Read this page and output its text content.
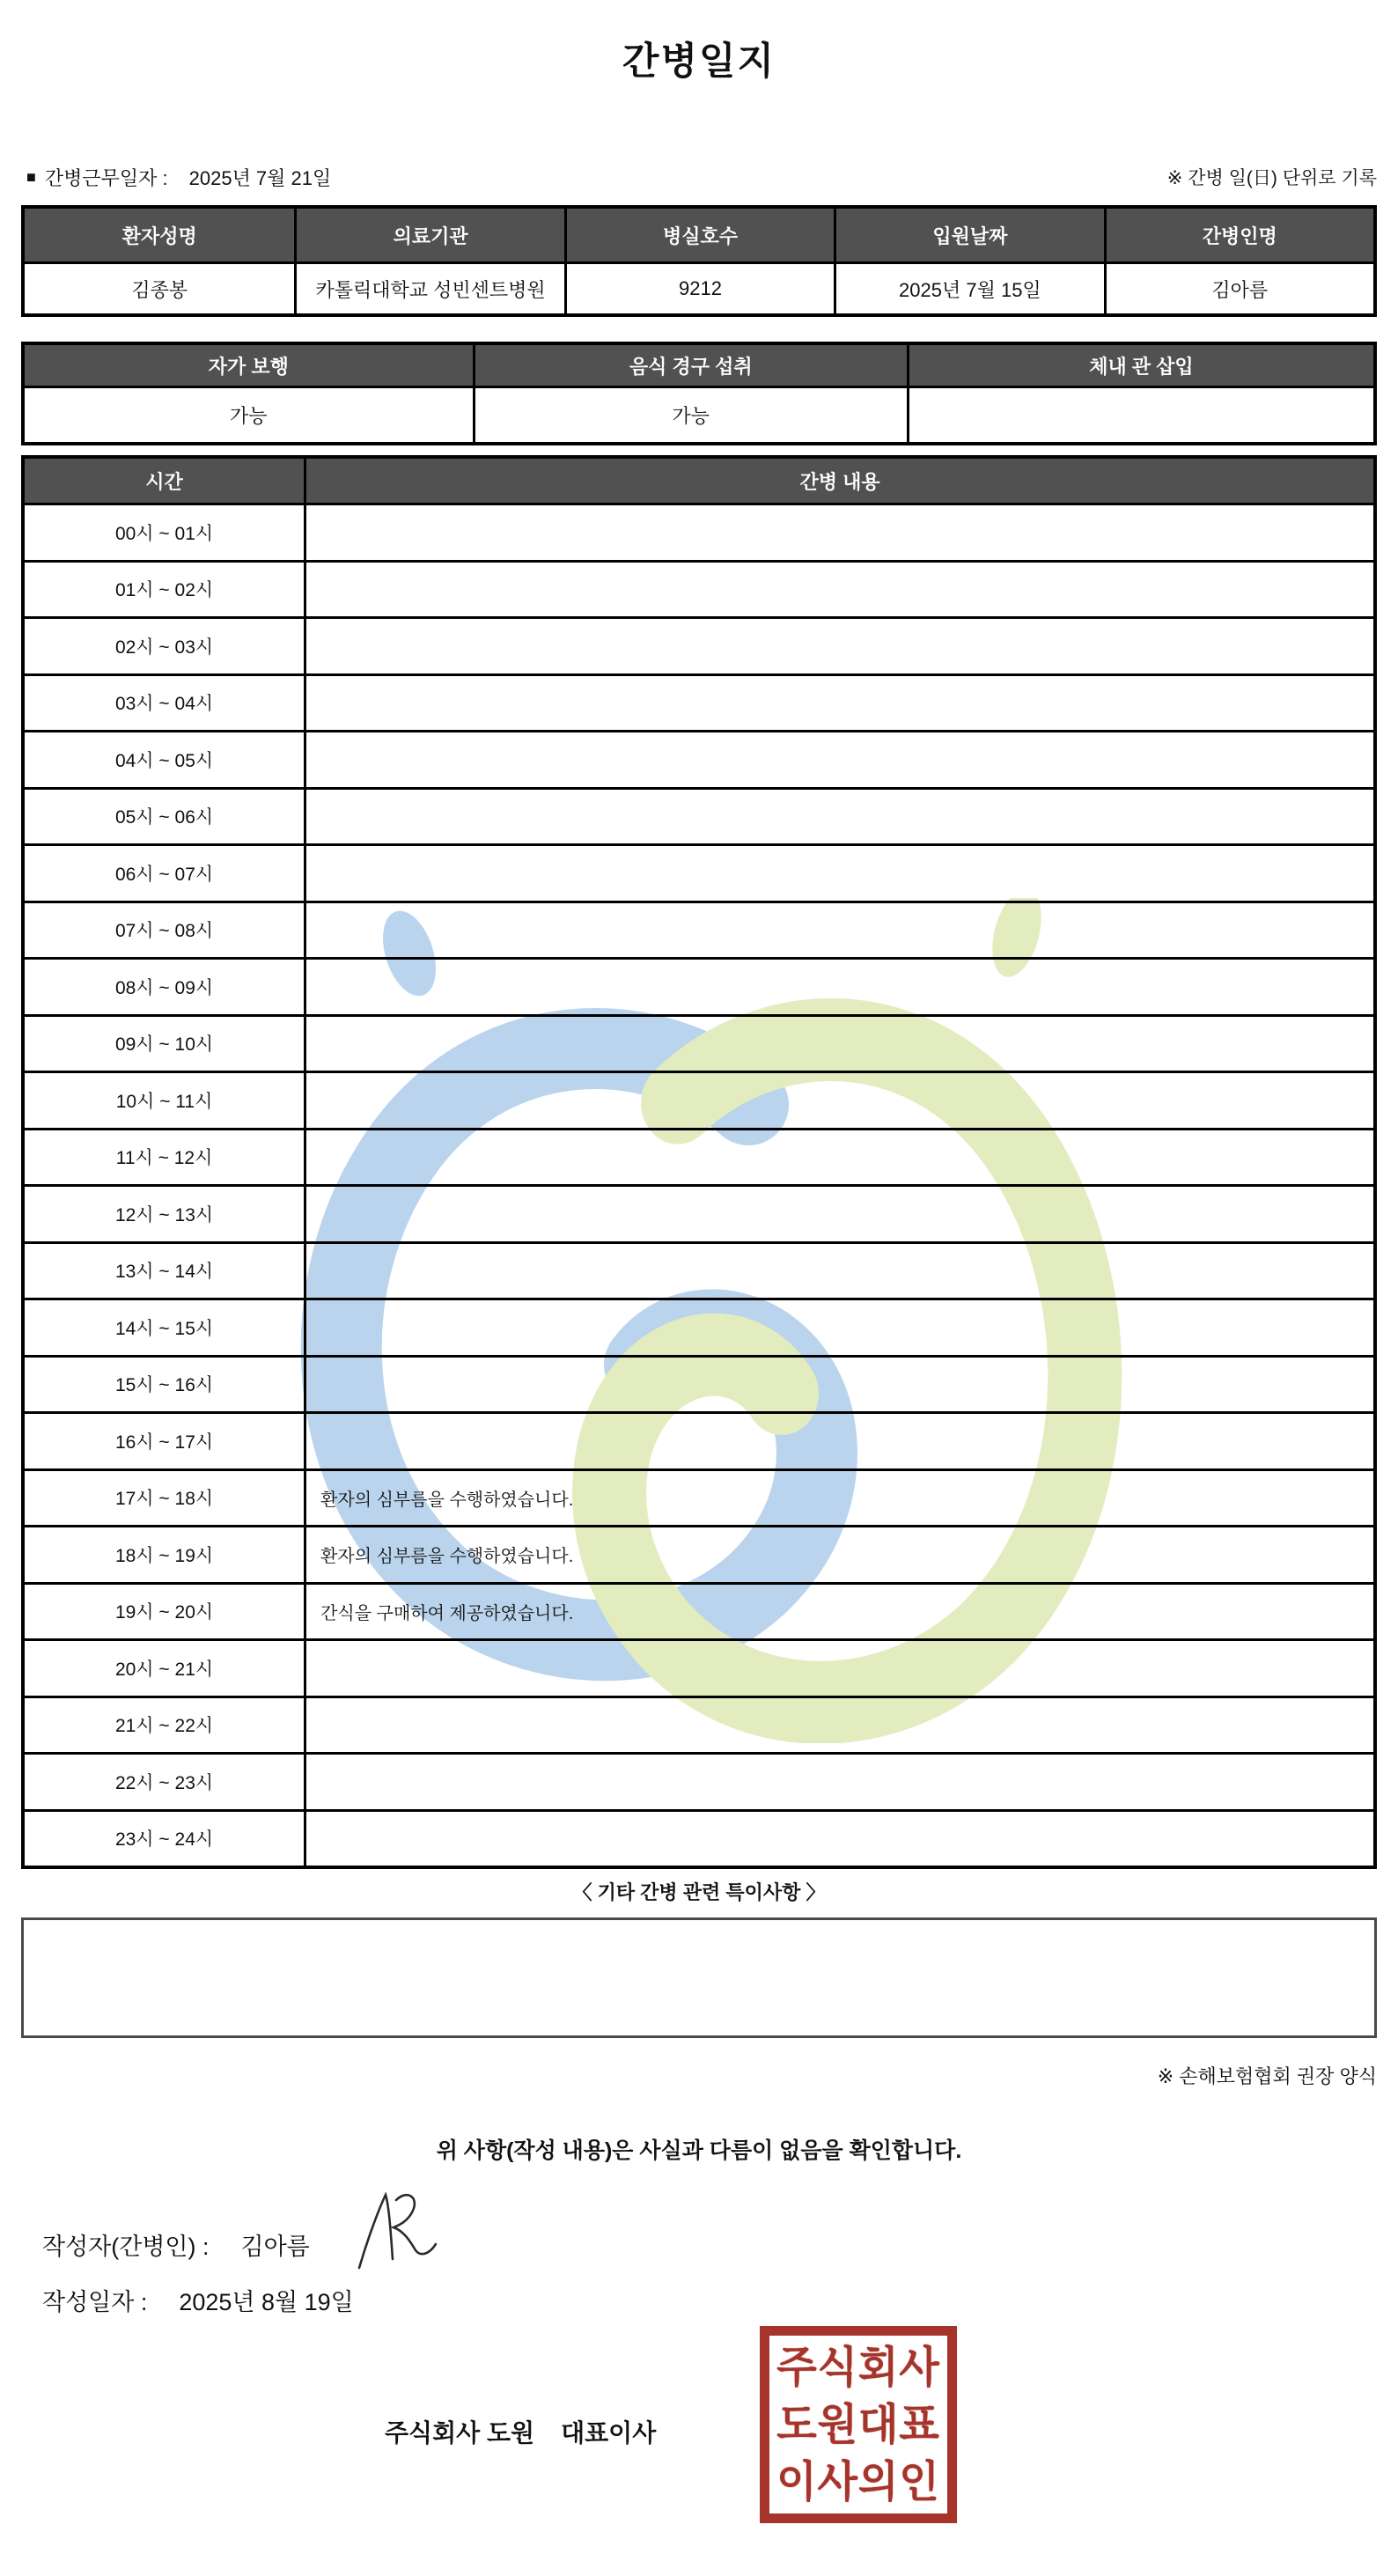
간병일지
■ 간병근무일자 : 2025년 7월 21일	※ 간병 일(日) 단위로 기록
환자성명	의료기관	병실호수	입원날짜	간병인명
김종봉	카톨릭대학교 성빈센트병원	9212	2025년 7월 15일	김아름
자가 보행	음식 경구 섭취	체내 관 삽입
가능	가능
시간	간병 내용
00시 ~ 01시
01시 ~ 02시
02시 ~ 03시
03시 ~ 04시
04시 ~ 05시
05시 ~ 06시
06시 ~ 07시
07시 ~ 08시
08시 ~ 09시
09시 ~ 10시
10시 ~ 11시
11시 ~ 12시
12시 ~ 13시
13시 ~ 14시
14시 ~ 15시
15시 ~ 16시
16시 ~ 17시
17시 ~ 18시	환자의 심부름을 수행하였습니다.
18시 ~ 19시	환자의 심부름을 수행하였습니다.
19시 ~ 20시	간식을 구매하여 제공하였습니다.
20시 ~ 21시
21시 ~ 22시
22시 ~ 23시
23시 ~ 24시
〈 기타 간병 관련 특이사항 〉
※ 손해보험협회 권장 양식
위 사항(작성 내용)은 사실과 다름이 없음을 확인합니다.
작성자(간병인) : 김아름
작성일자 : 2025년 8월 19일
주식회사 도원 대표이사
주식회사
도원대표
이사의인
